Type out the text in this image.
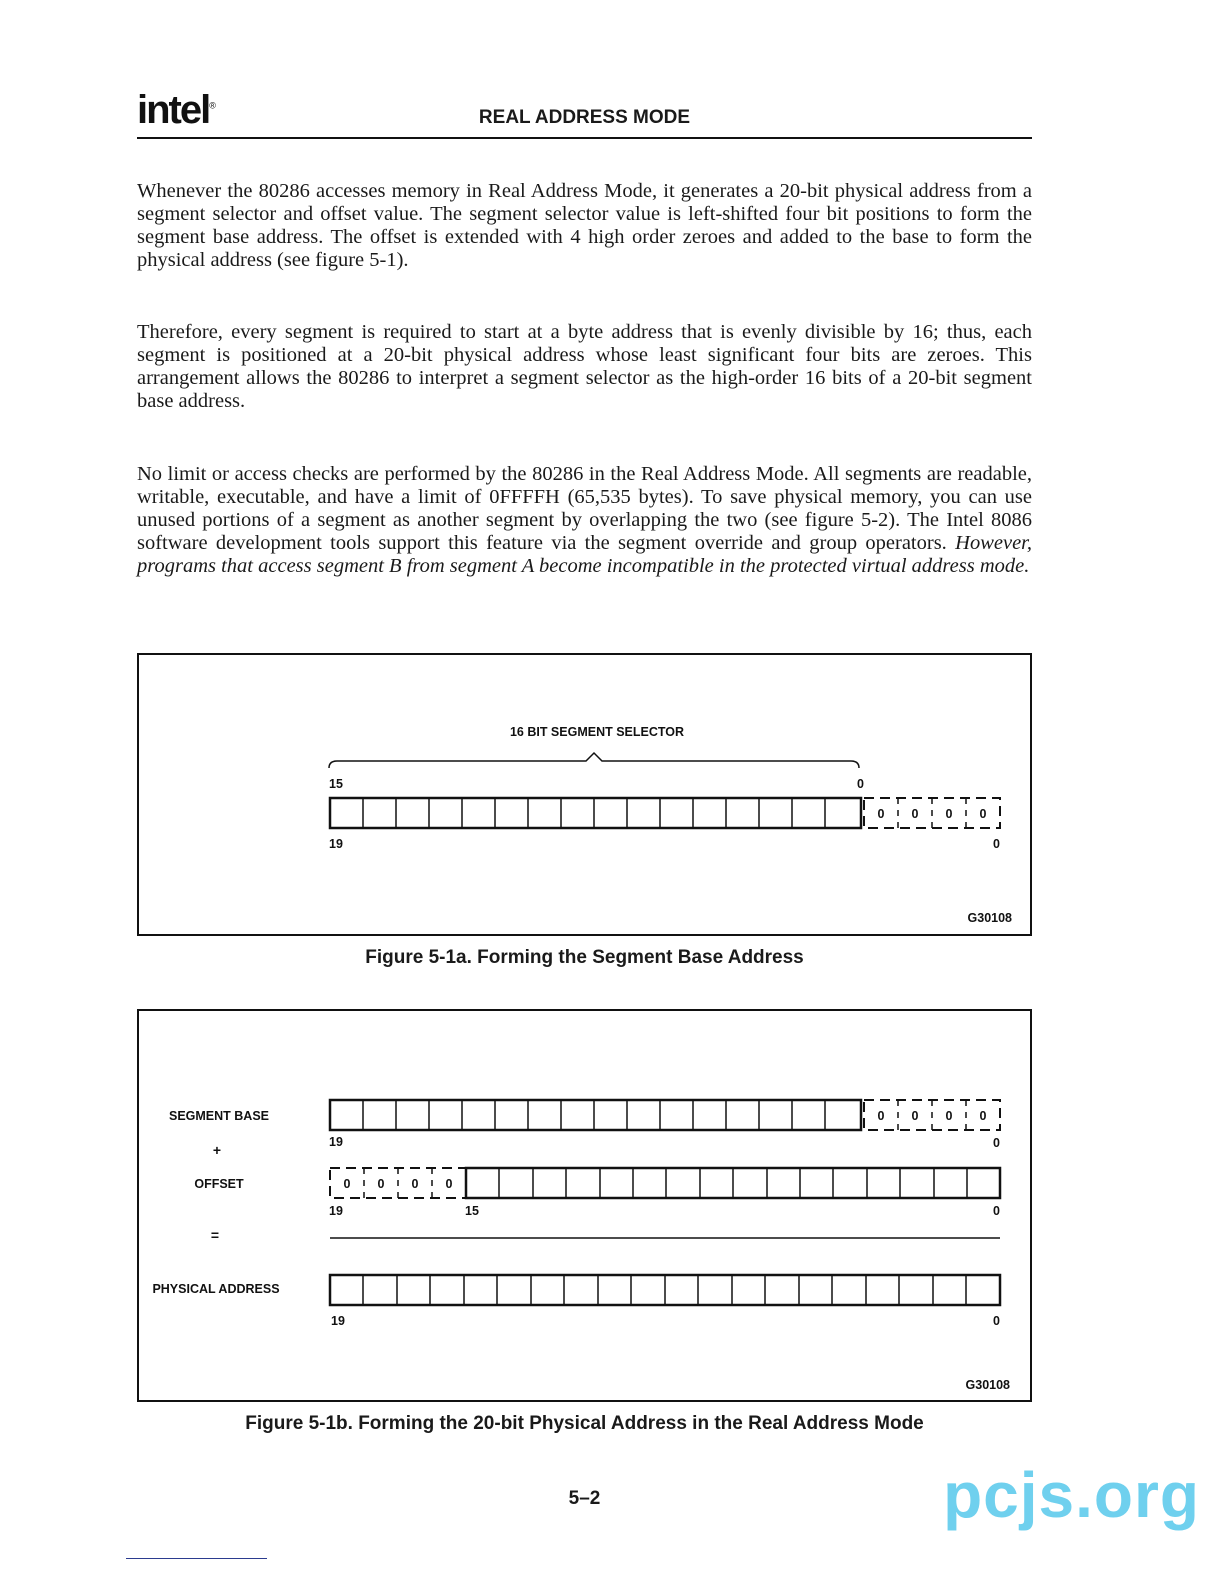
intel®
REAL ADDRESS MODE

Whenever the 80286 accesses memory in Real Address Mode, it generates a 20-bit physical address from a segment selector and offset value. The segment selector value is left-shifted four bit positions to form the segment base address. The offset is extended with 4 high order zeroes and added to the base to form the physical address (see figure 5-1).

Therefore, every segment is required to start at a byte address that is evenly divisible by 16; thus, each segment is positioned at a 20-bit physical address whose least significant four bits are zeroes. This arrangement allows the 80286 to interpret a segment selector as the high-order 16 bits of a 20-bit segment base address.

No limit or access checks are performed by the 80286 in the Real Address Mode. All segments are readable, writable, executable, and have a limit of 0FFFFH (65,535 bytes). To save physical memory, you can use unused portions of a segment as another segment by overlapping the two (see figure 5-2). The Intel 8086 software development tools support this feature via the segment override and group operators. However, programs that access segment B from segment A become incompatible in the protected virtual address mode.

16 BIT SEGMENT SELECTOR
15	0
0 0 0 0
19	0
G30108
Figure 5-1a. Forming the Segment Base Address
SEGMENT BASE	0 0 0 0
19	0
+
OFFSET	0 0 0 0
19	15	0
=
PHYSICAL ADDRESS
19	0
G30108
Figure 5-1b. Forming the 20-bit Physical Address in the Real Address Mode
5–2	pcjs.org
